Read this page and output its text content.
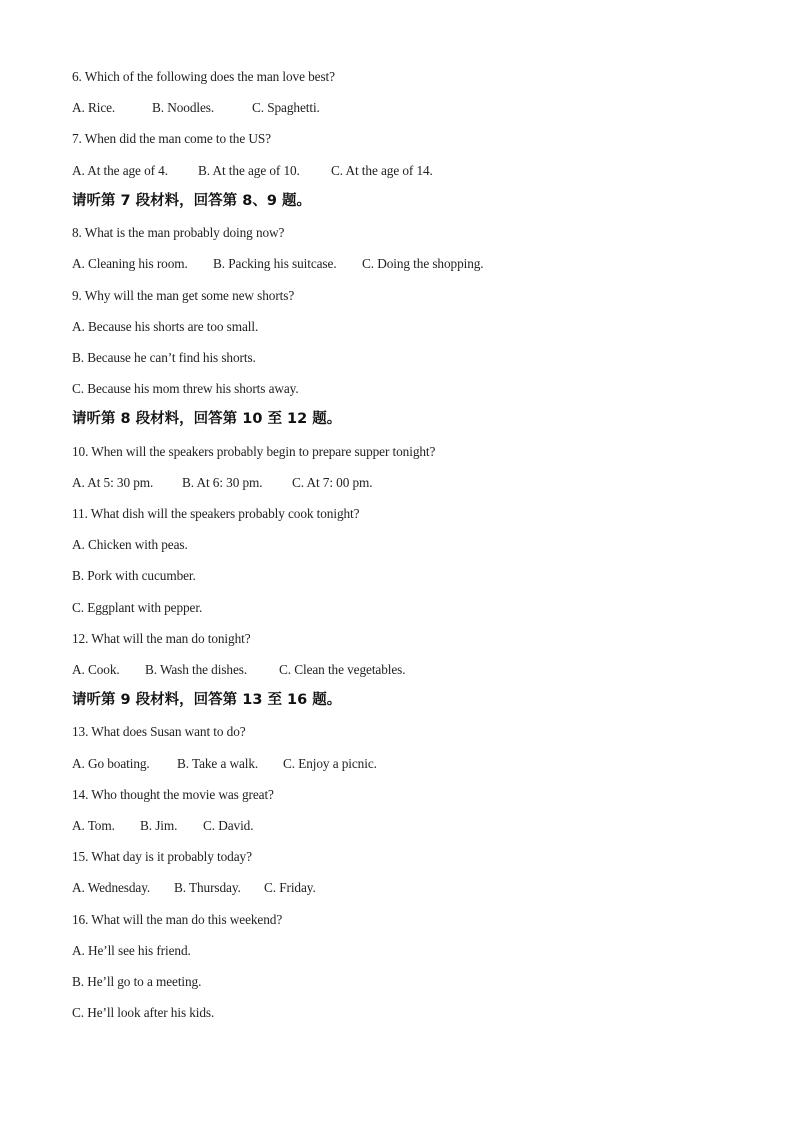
6. Which of the following does the man love best?
A. Rice.	B. Noodles.	C. Spaghetti.
7. When did the man come to the US?
A. At the age of 4. B. At the age of 10. C. At the age of 14.
请听第 7 段材料，回答第 8、9 题。
8. What is the man probably doing now?
A. Cleaning his room. B. Packing his suitcase. C. Doing the shopping.
9. Why will the man get some new shorts?
A. Because his shorts are too small.
B. Because he can’t find his shorts.
C. Because his mom threw his shorts away.
请听第 8 段材料，回答第 10 至 12 题。
10. When will the speakers probably begin to prepare supper tonight?
A. At 5: 30 pm. B. At 6: 30 pm. C. At 7: 00 pm.
11. What dish will the speakers probably cook tonight?
A. Chicken with peas.
B. Pork with cucumber.
C. Eggplant with pepper.
12. What will the man do tonight?
A. Cook. B. Wash the dishes. C. Clean the vegetables.
请听第 9 段材料，回答第 13 至 16 题。
13. What does Susan want to do?
A. Go boating. B. Take a walk. C. Enjoy a picnic.
14. Who thought the movie was great?
A. Tom. B. Jim. C. David.
15. What day is it probably today?
A. Wednesday. B. Thursday. C. Friday.
16. What will the man do this weekend?
A. He’ll see his friend.
B. He’ll go to a meeting.
C. He’ll look after his kids.
